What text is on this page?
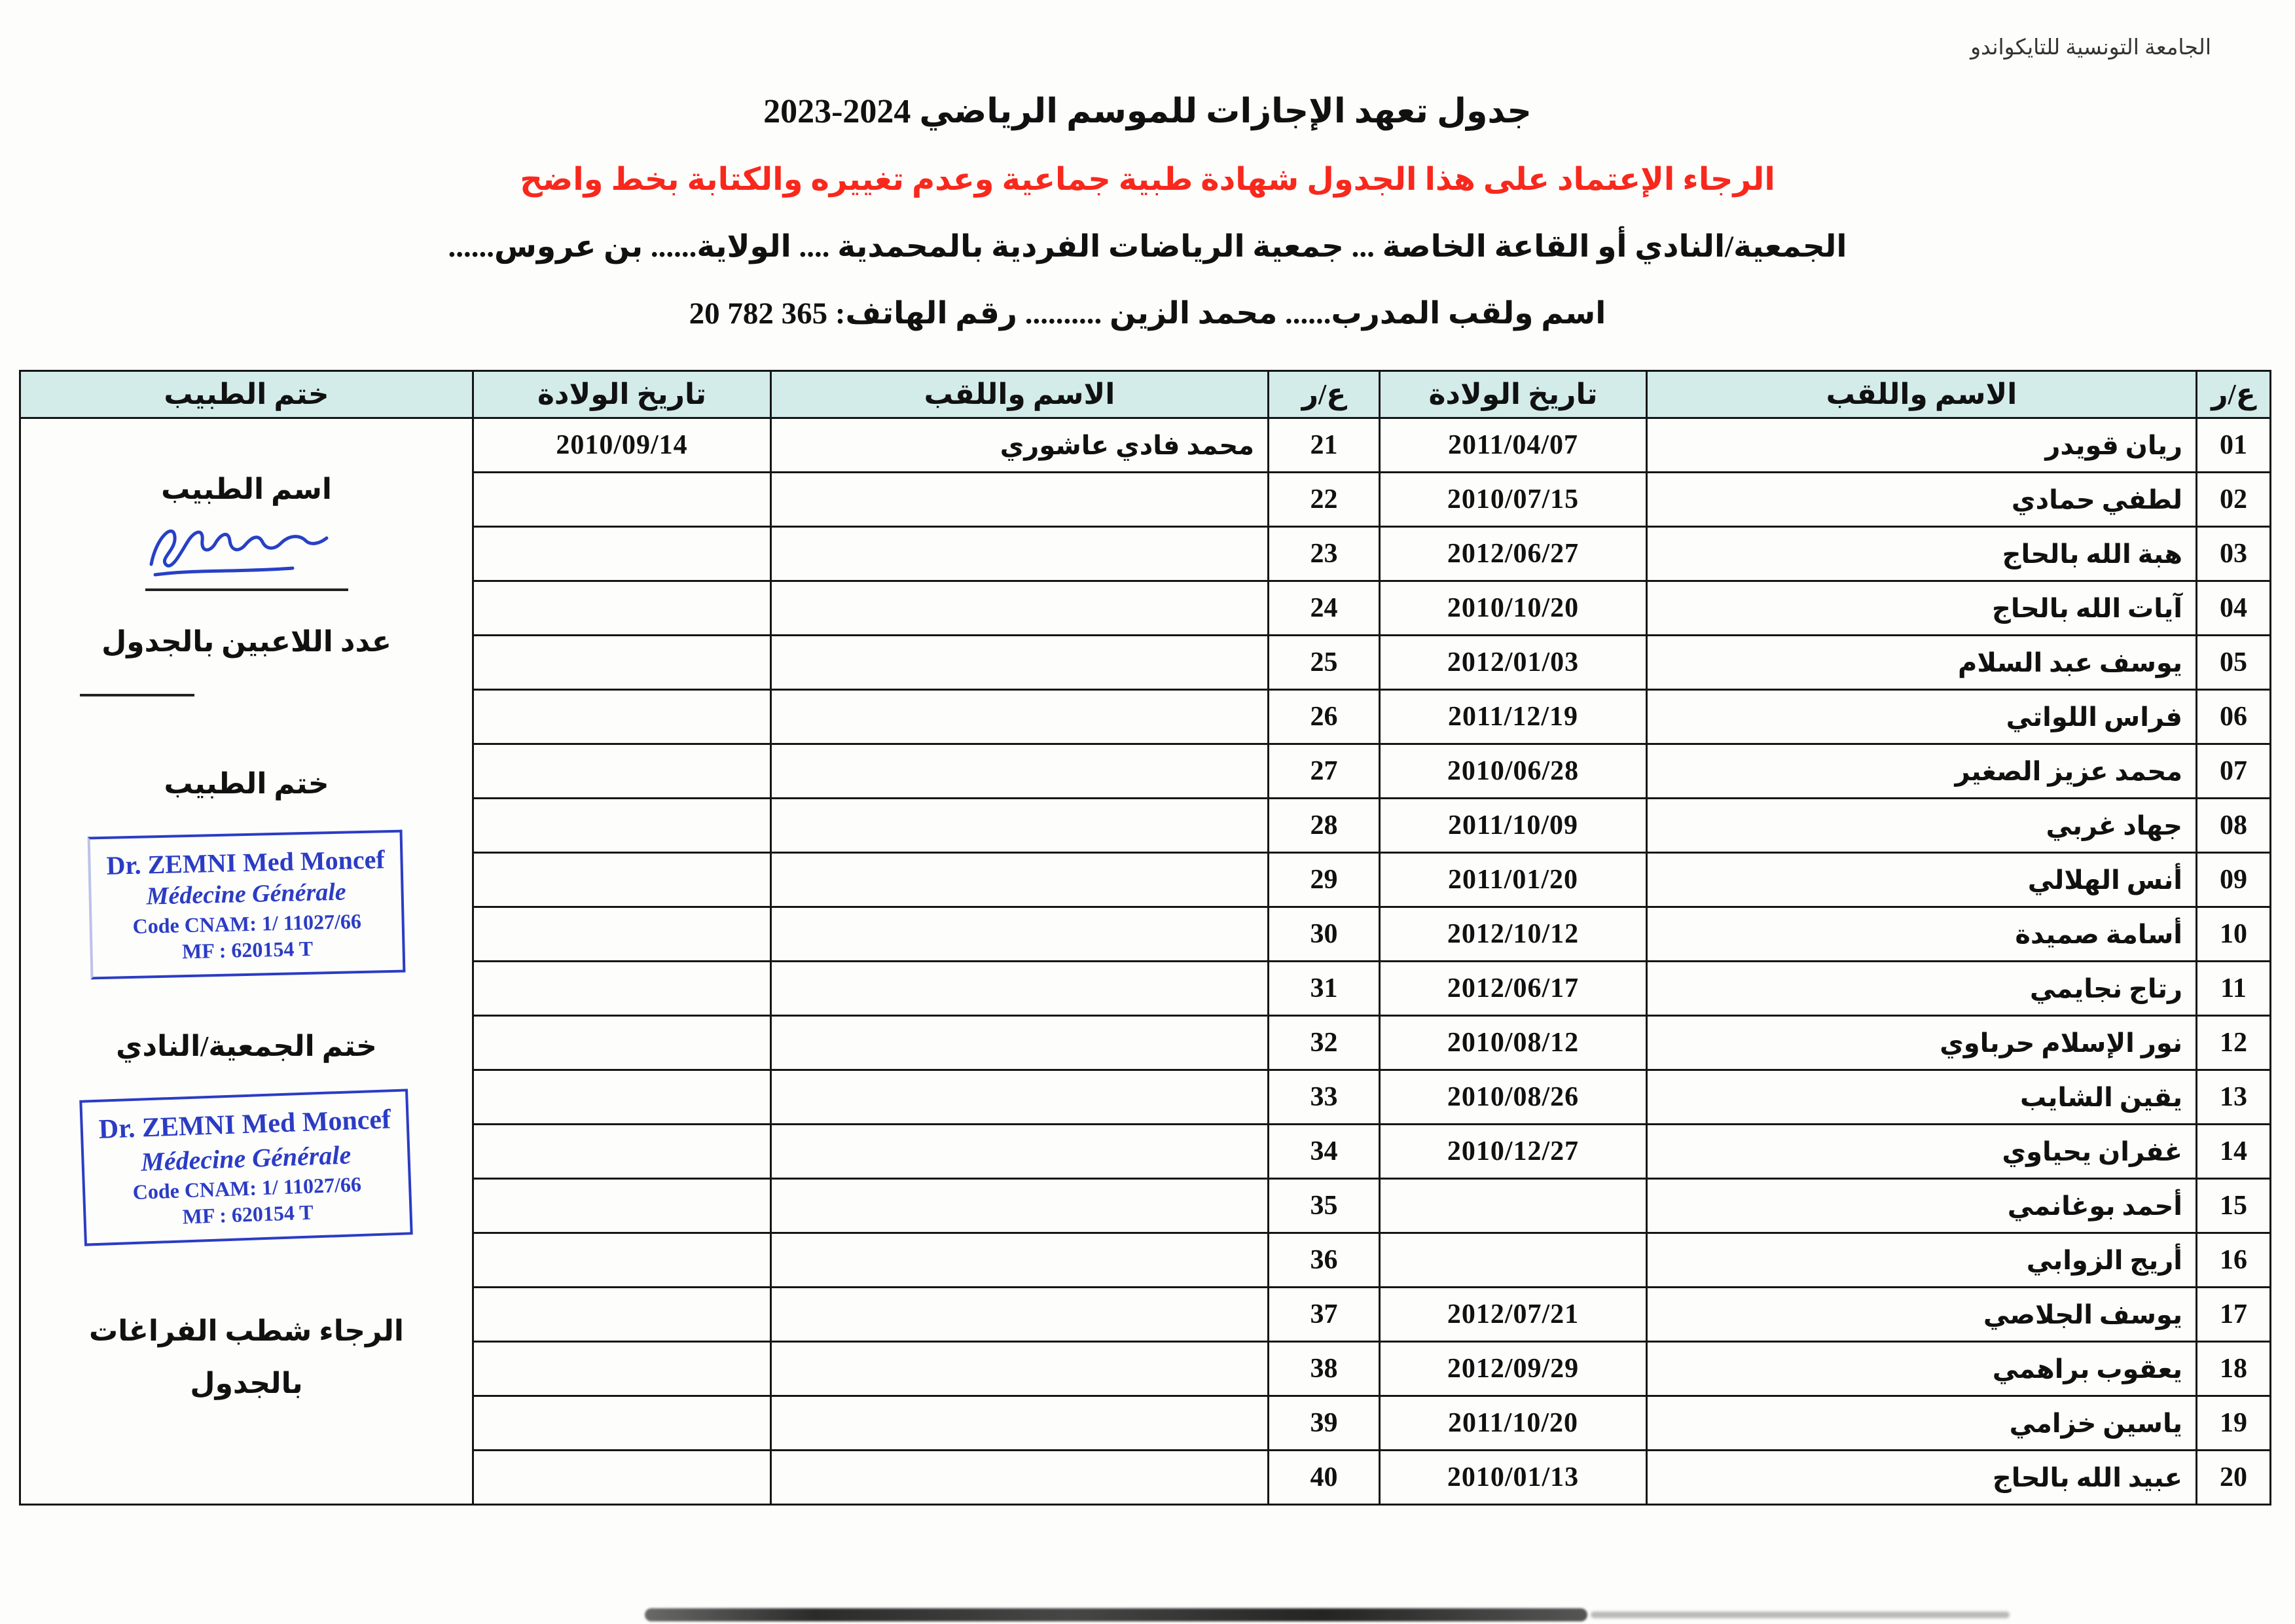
الجامعة التونسية للتايكواندو
جدول تعهد الإجازات للموسم الرياضي 2024-2023
الرجاء الإعتماد على هذا الجدول شهادة طبية جماعية وعدم تغييره والكتابة بخط واضح
الجمعية/النادي أو القاعة الخاصة ... جمعية الرياضات الفردية بالمحمدية .... الولاية...... بن عروس......
اسم ولقب المدرب...... محمد الزين .......... رقم الهاتف: 365 782 20
ع/ر	الاسم واللقب	تاريخ الولادة	ع/ر	الاسم واللقب	تاريخ الولادة	ختم الطبيب
01	ريان قويدر	2011/04/07	21	محمد فادي عاشوري	2010/09/14	
اسم الطبيب
عدد اللاعبين بالجدول
ختم الطبيب
Dr. ZEMNI Med Moncef
Médecine Générale
Code CNAM: 1/ 11027/66
MF : 620154 T
ختم الجمعية/النادي
Dr. ZEMNI Med Moncef
Médecine Générale
Code CNAM: 1/ 11027/66
MF : 620154 T
الرجاء شطب الفراغات
بالجدول

02	لطفي حمادي	2010/07/15	22			
03	هبة الله بالحاج	2012/06/27	23			
04	آيات الله بالحاج	2010/10/20	24			
05	يوسف عبد السلام	2012/01/03	25			
06	فراس اللواتي	2011/12/19	26			
07	محمد عزيز الصغير	2010/06/28	27			
08	جهاد غربي	2011/10/09	28			
09	أنس الهلالي	2011/01/20	29			
10	أسامة صميدة	2012/10/12	30			
11	رتاج نجايمي	2012/06/17	31			
12	نور الإسلام حرباوي	2010/08/12	32			
13	يقين الشايب	2010/08/26	33			
14	غفران يحياوي	2010/12/27	34			
15	أحمد بوغانمي		35			
16	أريج الزوابي		36			
17	يوسف الجلاصي	2012/07/21	37			
18	يعقوب براهمي	2012/09/29	38			
19	ياسين خزامي	2011/10/20	39			
20	عبيد الله بالحاج	2010/01/13	40			
